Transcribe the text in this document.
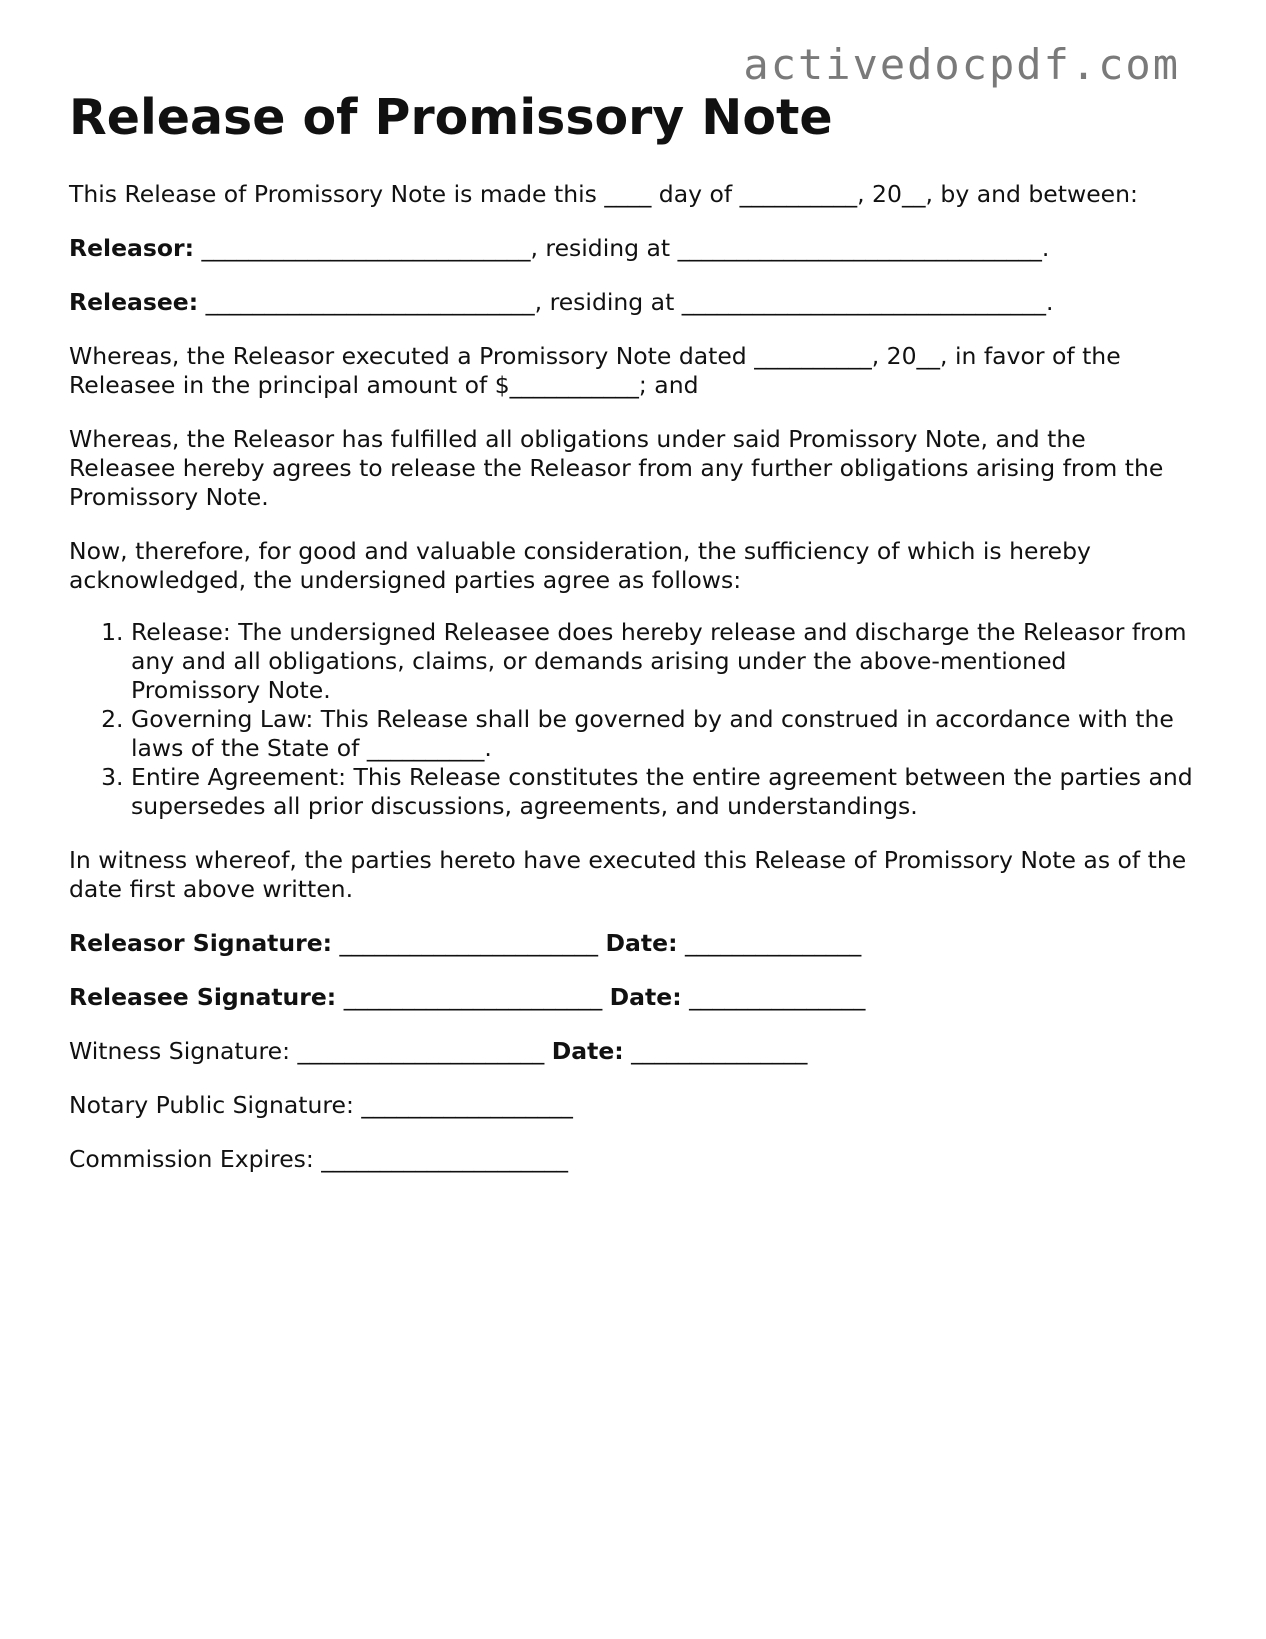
activedocpdf.com
Release of Promissory Note

This Release of Promissory Note is made this ____ day of __________, 20__, by and between:

Releasor: ____________________________, residing at _______________________________.

Releasee: ____________________________, residing at _______________________________.

Whereas, the Releasor executed a Promissory Note dated __________, 20__, in favor of the Releasee in the principal amount of $___________; and

Whereas, the Releasor has fulfilled all obligations under said Promissory Note, and the Releasee hereby agrees to release the Releasor from any further obligations arising from the Promissory Note.

Now, therefore, for good and valuable consideration, the sufficiency of which is hereby acknowledged, the undersigned parties agree as follows:

1. Release: The undersigned Releasee does hereby release and discharge the Releasor from any and all obligations, claims, or demands arising under the above-mentioned Promissory Note.
2. Governing Law: This Release shall be governed by and construed in accordance with the laws of the State of __________.
3. Entire Agreement: This Release constitutes the entire agreement between the parties and supersedes all prior discussions, agreements, and understandings.

In witness whereof, the parties hereto have executed this Release of Promissory Note as of the date first above written.

Releasor Signature: ______________________ Date: _______________

Releasee Signature: ______________________ Date: _______________

Witness Signature: _____________________ Date: _______________

Notary Public Signature: __________________

Commission Expires: _____________________
